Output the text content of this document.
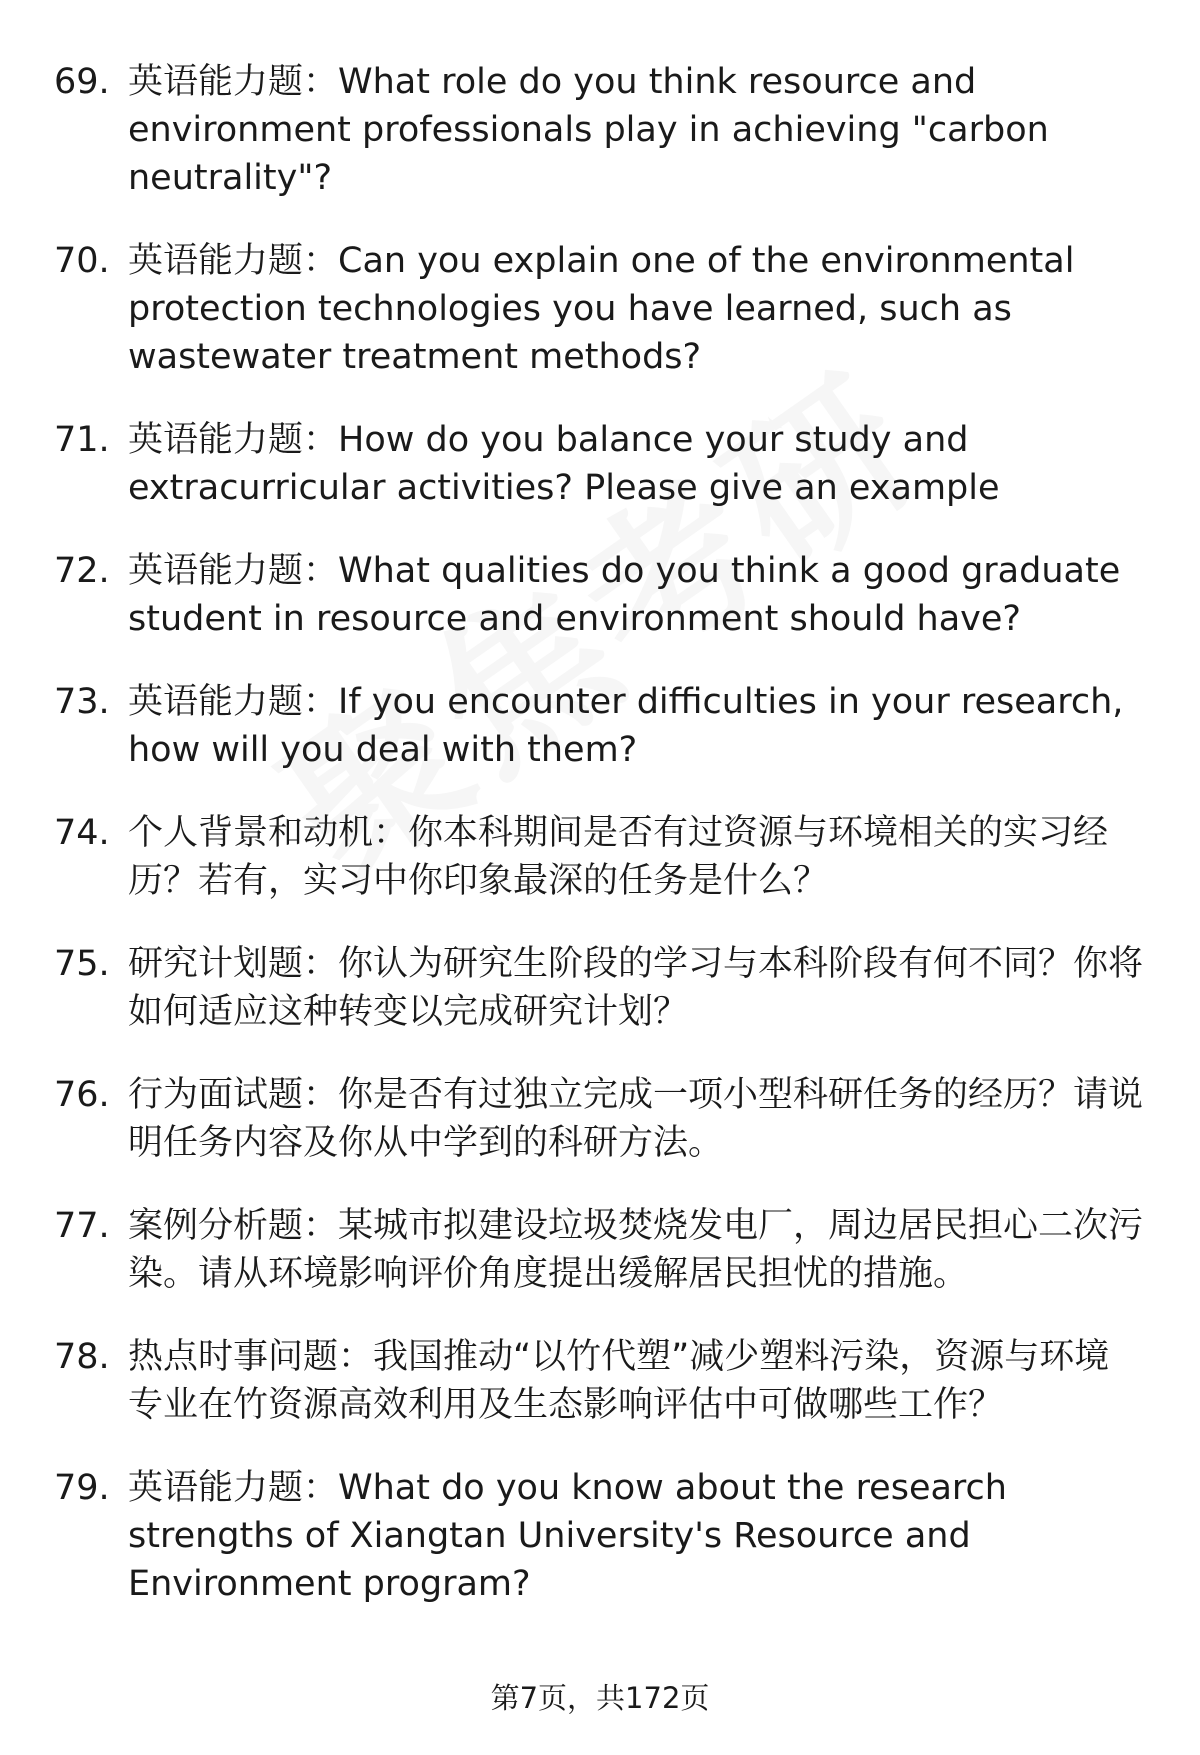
69. 英语能力题：What role do you think resource and environment professionals play in achieving "carbon neutrality"?
70. 英语能力题：Can you explain one of the environmental protection technologies you have learned, such as wastewater treatment methods?
71. 英语能力题：How do you balance your study and extracurricular activities? Please give an example
72. 英语能力题：What qualities do you think a good graduate student in resource and environment should have?
73. 英语能力题：If you encounter difficulties in your research, how will you deal with them?
74. 个人背景和动机：你本科期间是否有过资源与环境相关的实习经历？若有，实习中你印象最深的任务是什么？
75. 研究计划题：你认为研究生阶段的学习与本科阶段有何不同？你将如何适应这种转变以完成研究计划？
76. 行为面试题：你是否有过独立完成一项小型科研任务的经历？请说明任务内容及你从中学到的科研方法。
77. 案例分析题：某城市拟建设垃圾焚烧发电厂，周边居民担心二次污染。请从环境影响评价角度提出缓解居民担忧的措施。
78. 热点时事问题：我国推动“以竹代塑”减少塑料污染，资源与环境专业在竹资源高效利用及生态影响评估中可做哪些工作？
79. 英语能力题：What do you know about the research strengths of Xiangtan University's Resource and Environment program?
第7页，共172页
